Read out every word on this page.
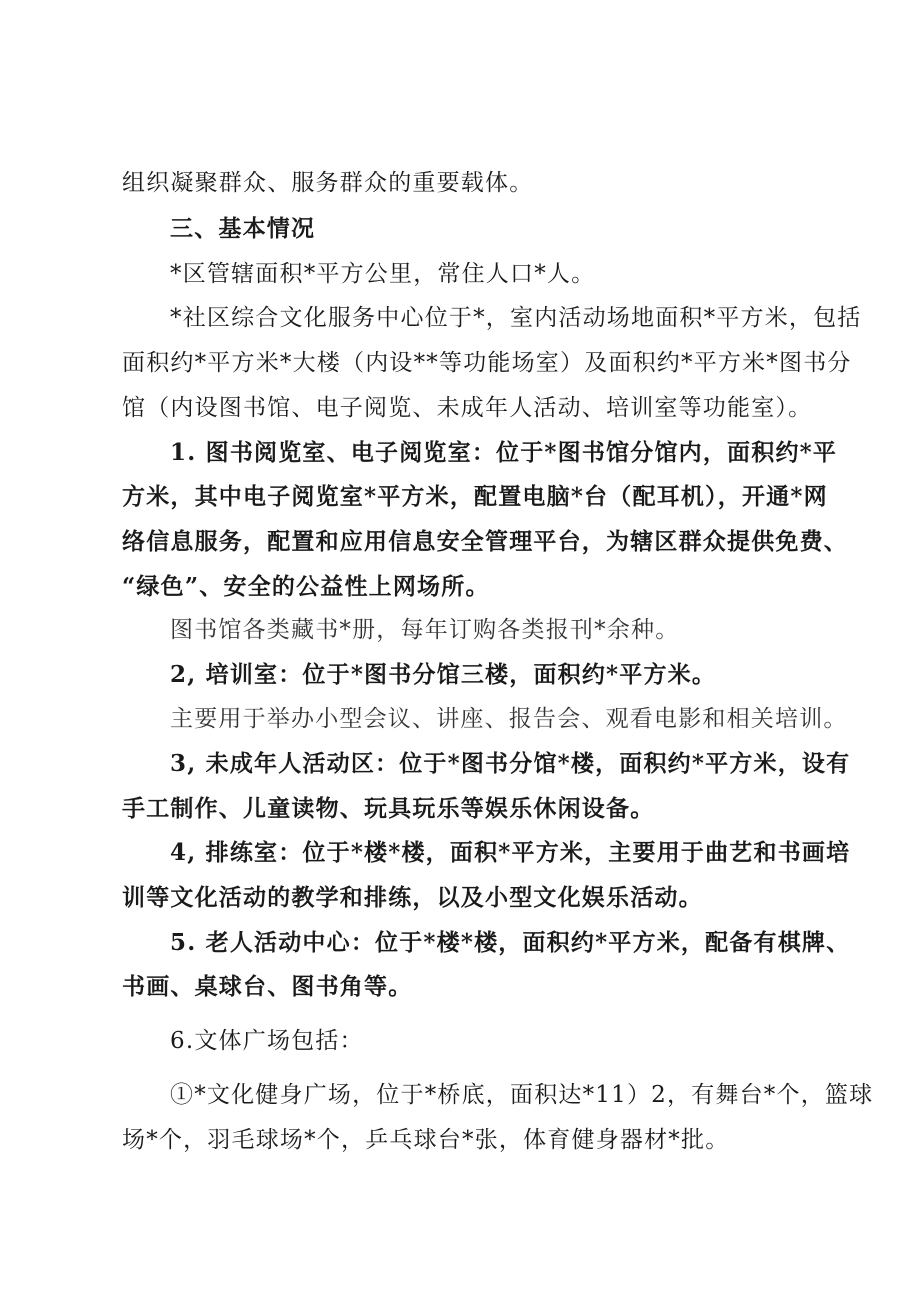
组织凝聚群众、服务群众的重要载体。
三、基本情况
*区管辖面积*平方公里，常住人口*人。
*社区综合文化服务中心位于*，室内活动场地面积*平方米，包括
面积约*平方米*大楼（内设**等功能场室）及面积约*平方米*图书分
馆（内设图书馆、电子阅览、未成年人活动、培训室等功能室）。
1. 图书阅览室、电子阅览室：位于*图书馆分馆内，面积约*平
方米，其中电子阅览室*平方米，配置电脑*台（配耳机），开通*网
络信息服务，配置和应用信息安全管理平台，为辖区群众提供免费、
“绿色”、安全的公益性上网场所。
图书馆各类藏书*册，每年订购各类报刊*余种。
2, 培训室：位于*图书分馆三楼，面积约*平方米。
主要用于举办小型会议、讲座、报告会、观看电影和相关培训。
3, 未成年人活动区：位于*图书分馆*楼，面积约*平方米，设有
手工制作、儿童读物、玩具玩乐等娱乐休闲设备。
4, 排练室：位于*楼*楼，面积*平方米，主要用于曲艺和书画培
训等文化活动的教学和排练，以及小型文化娱乐活动。
5. 老人活动中心：位于*楼*楼，面积约*平方米，配备有棋牌、
书画、桌球台、图书角等。
6.文体广场包括：
①*文化健身广场，位于*桥底，面积达*11）2，有舞台*个，篮球
场*个，羽毛球场*个，乒乓球台*张，体育健身器材*批。
